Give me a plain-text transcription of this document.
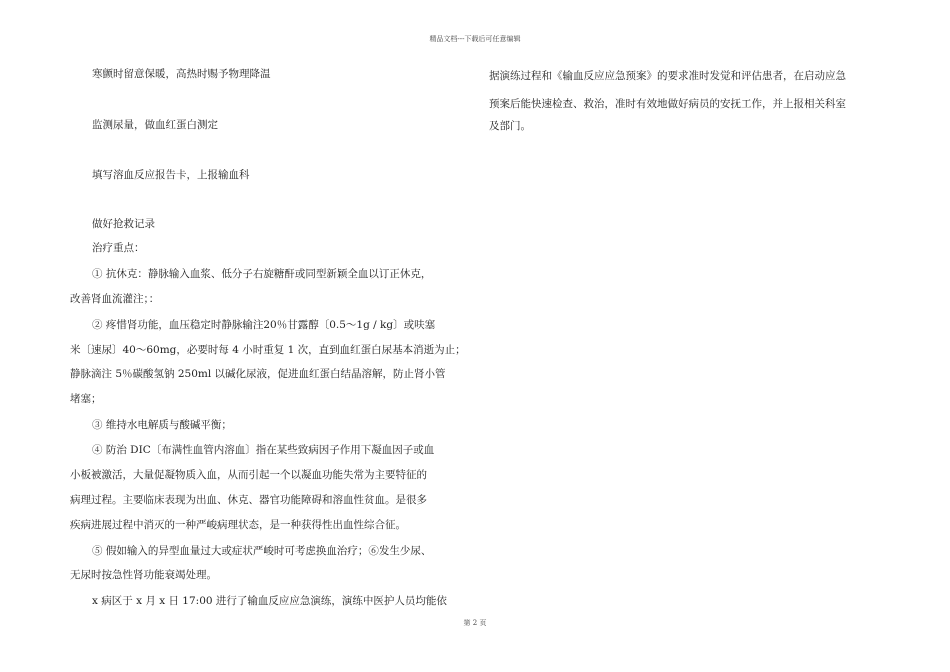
精品文档---下载后可任意编辑
寒颤时留意保暖，高热时赐予物理降温
监测尿量，做血红蛋白测定
填写溶血反应报告卡，上报输血科
做好抢救记录
治疗重点：
① 抗休克：静脉输入血浆、低分子右旋糖酐或同型新颖全血以订正休克，
改善肾血流灌注；：
② 疼惜肾功能，血压稳定时静脉输注20％甘露醇〔0.5～1g / kg〕或呋塞
米〔速尿〕40～60mg，必要时每 4 小时重复 1 次，直到血红蛋白尿基本消逝为止；
静脉滴注 5％碳酸氢钠 250ml 以碱化尿液，促进血红蛋白结晶溶解，防止肾小管
堵塞；
③ 维持水电解质与酸碱平衡；
④ 防治 DIC〔布满性血管内溶血〕指在某些致病因子作用下凝血因子或血
小板被激活，大量促凝物质入血，从而引起一个以凝血功能失常为主要特征的
病理过程。主要临床表现为出血、休克、器官功能障碍和溶血性贫血。是很多
疾病进展过程中消灭的一种严峻病理状态，是一种获得性出血性综合征。
⑤ 假如输入的异型血量过大或症状严峻时可考虑换血治疗；⑥发生少尿、
无尿时按急性肾功能衰竭处理。
x 病区于 x 月 x 日 17:00 进行了输血反应应急演练，演练中医护人员均能依
据演练过程和《输血反应应急预案》的要求准时发觉和评估患者，在启动应急
预案后能快速检查、救治，准时有效地做好病员的安抚工作，并上报相关科室
及部门。
第 2 页
